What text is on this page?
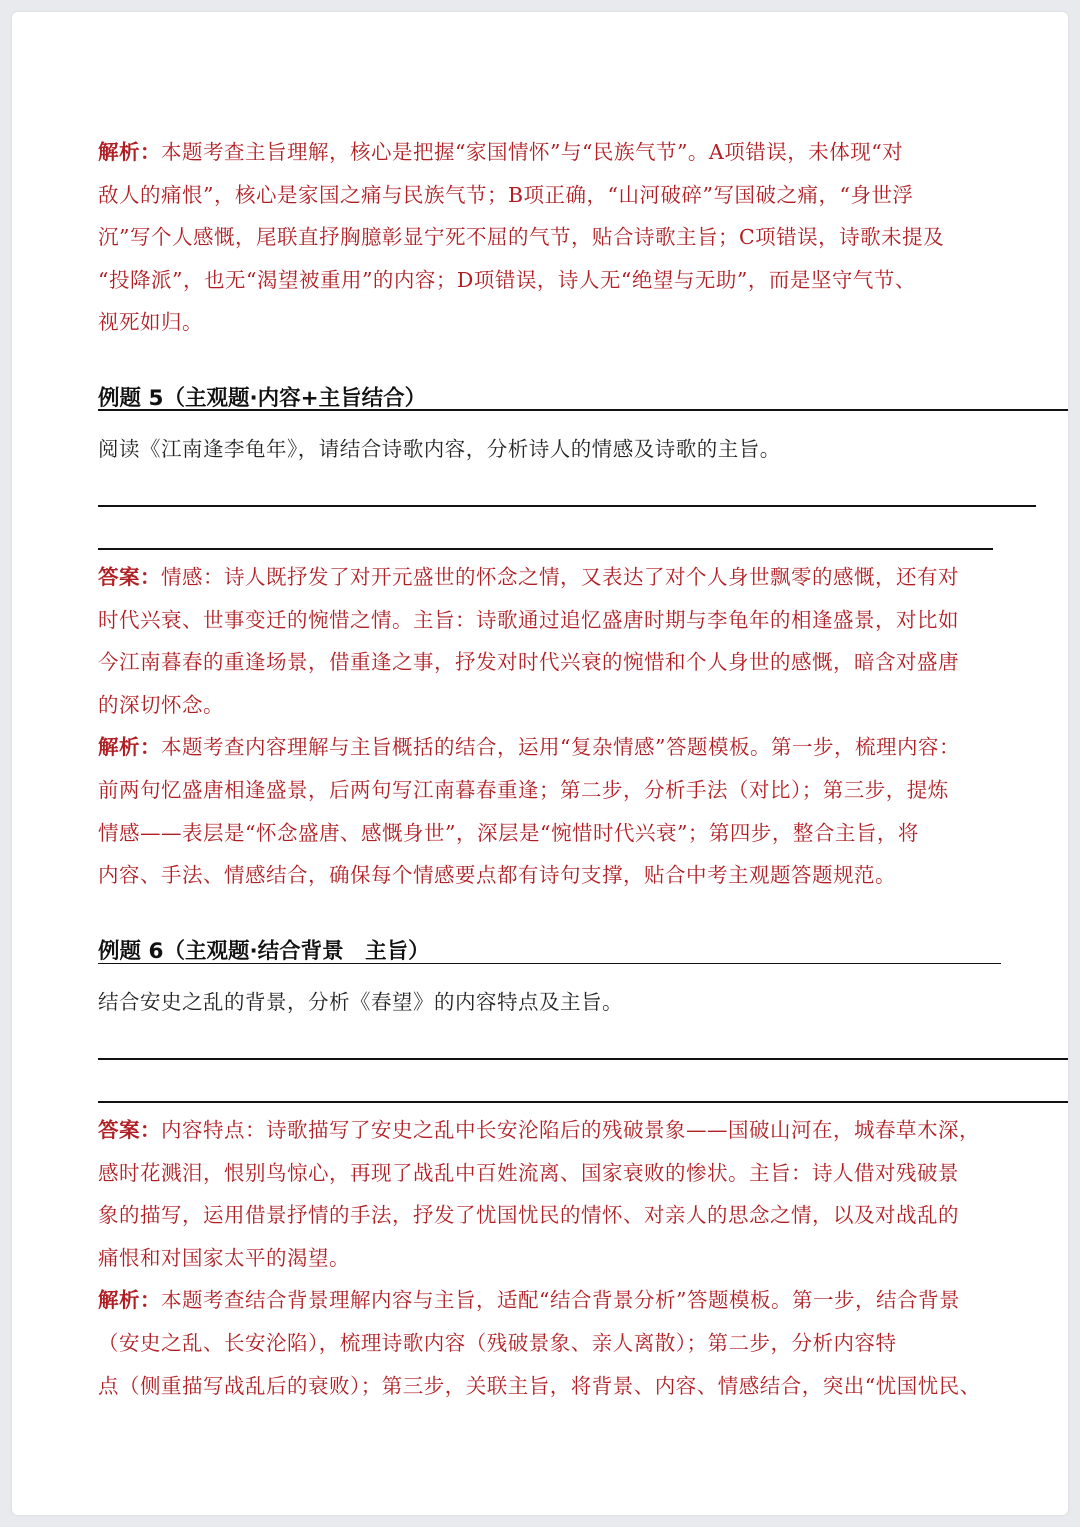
解析：本题考查主旨理解，核心是把握“家国情怀”与“民族气节”。A项错误，未体现“对
敌人的痛恨”，核心是家国之痛与民族气节；B项正确，“山河破碎”写国破之痛，“身世浮
沉”写个人感慨，尾联直抒胸臆彰显宁死不屈的气节，贴合诗歌主旨；C项错误，诗歌未提及
“投降派”，也无“渴望被重用”的内容；D项错误，诗人无“绝望与无助”，而是坚守气节、
视死如归。
例题 5（主观题·内容+主旨结合）
阅读《江南逢李龟年》，请结合诗歌内容，分析诗人的情感及诗歌的主旨。
答案：情感：诗人既抒发了对开元盛世的怀念之情，又表达了对个人身世飘零的感慨，还有对
时代兴衰、世事变迁的惋惜之情。主旨：诗歌通过追忆盛唐时期与李龟年的相逢盛景，对比如
今江南暮春的重逢场景，借重逢之事，抒发对时代兴衰的惋惜和个人身世的感慨，暗含对盛唐
的深切怀念。
解析：本题考查内容理解与主旨概括的结合，运用“复杂情感”答题模板。第一步，梳理内容：
前两句忆盛唐相逢盛景，后两句写江南暮春重逢；第二步，分析手法（对比）；第三步，提炼
情感——表层是“怀念盛唐、感慨身世”，深层是“惋惜时代兴衰”；第四步，整合主旨，将
内容、手法、情感结合，确保每个情感要点都有诗句支撑，贴合中考主观题答题规范。
例题 6（主观题·结合背景　主旨）
结合安史之乱的背景，分析《春望》的内容特点及主旨。
答案：内容特点：诗歌描写了安史之乱中长安沦陷后的残破景象——国破山河在，城春草木深，
感时花溅泪，恨别鸟惊心，再现了战乱中百姓流离、国家衰败的惨状。主旨：诗人借对残破景
象的描写，运用借景抒情的手法，抒发了忧国忧民的情怀、对亲人的思念之情，以及对战乱的
痛恨和对国家太平的渴望。
解析：本题考查结合背景理解内容与主旨，适配“结合背景分析”答题模板。第一步，结合背景
（安史之乱、长安沦陷），梳理诗歌内容（残破景象、亲人离散）；第二步，分析内容特
点（侧重描写战乱后的衰败）；第三步，关联主旨，将背景、内容、情感结合，突出“忧国忧民、
